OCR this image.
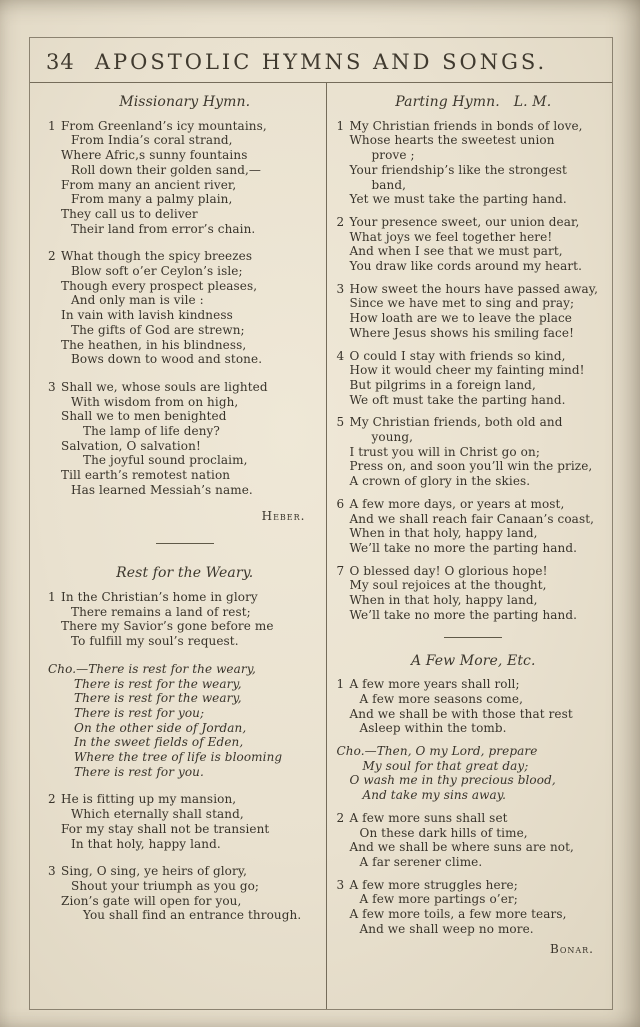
34 APOSTOLIC HYMNS AND SONGS.
Missionary Hymn.
1 From Greenland’s icy mountains,
From India’s coral strand,
Where Afric,s sunny fountains
Roll down their golden sand,—
From many an ancient river,
From many a palmy plain,
They call us to deliver
Their land from error’s chain.
2 What though the spicy breezes
Blow soft o’er Ceylon’s isle;
Though every prospect pleases,
And only man is vile :
In vain with lavish kindness
The gifts of God are strewn;
The heathen, in his blindness,
Bows down to wood and stone.
3 Shall we, whose souls are lighted
With wisdom from on high,
Shall we to men benighted
The lamp of life deny?
Salvation, O salvation!
The joyful sound proclaim,
Till earth’s remotest nation
Has learned Messiah’s name.
Heber.
Rest for the Weary.
1 In the Christian’s home in glory
There remains a land of rest;
There my Savior’s gone before me
To fulfill my soul’s request.
Cho.—There is rest for the weary,
There is rest for the weary,
There is rest for the weary,
There is rest for you;
On the other side of Jordan,
In the sweet fields of Eden,
Where the tree of life is blooming
There is rest for you.
2 He is fitting up my mansion,
Which eternally shall stand,
For my stay shall not be transient
In that holy, happy land.
3 Sing, O sing, ye heirs of glory,
Shout your triumph as you go;
Zion’s gate will open for you,
You shall find an entrance through.
Parting Hymn. L. M.
1 My Christian friends in bonds of love,
Whose hearts the sweetest union
prove ;
Your friendship’s like the strongest
band,
Yet we must take the parting hand.
2 Your presence sweet, our union dear,
What joys we feel together here!
And when I see that we must part,
You draw like cords around my heart.
3 How sweet the hours have passed away,
Since we have met to sing and pray;
How loath are we to leave the place
Where Jesus shows his smiling face!
4 O could I stay with friends so kind,
How it would cheer my fainting mind!
But pilgrims in a foreign land,
We oft must take the parting hand.
5 My Christian friends, both old and
young,
I trust you will in Christ go on;
Press on, and soon you’ll win the prize,
A crown of glory in the skies.
6 A few more days, or years at most,
And we shall reach fair Canaan’s coast,
When in that holy, happy land,
We’ll take no more the parting hand.
7 O blessed day! O glorious hope!
My soul rejoices at the thought,
When in that holy, happy land,
We’ll take no more the parting hand.
A Few More, Etc.
1 A few more years shall roll;
A few more seasons come,
And we shall be with those that rest
Asleep within the tomb.
Cho.—Then, O my Lord, prepare
My soul for that great day;
O wash me in thy precious blood,
And take my sins away.
2 A few more suns shall set
On these dark hills of time,
And we shall be where suns are not,
A far serener clime.
3 A few more struggles here;
A few more partings o’er;
A few more toils, a few more tears,
And we shall weep no more.
Bonar.
